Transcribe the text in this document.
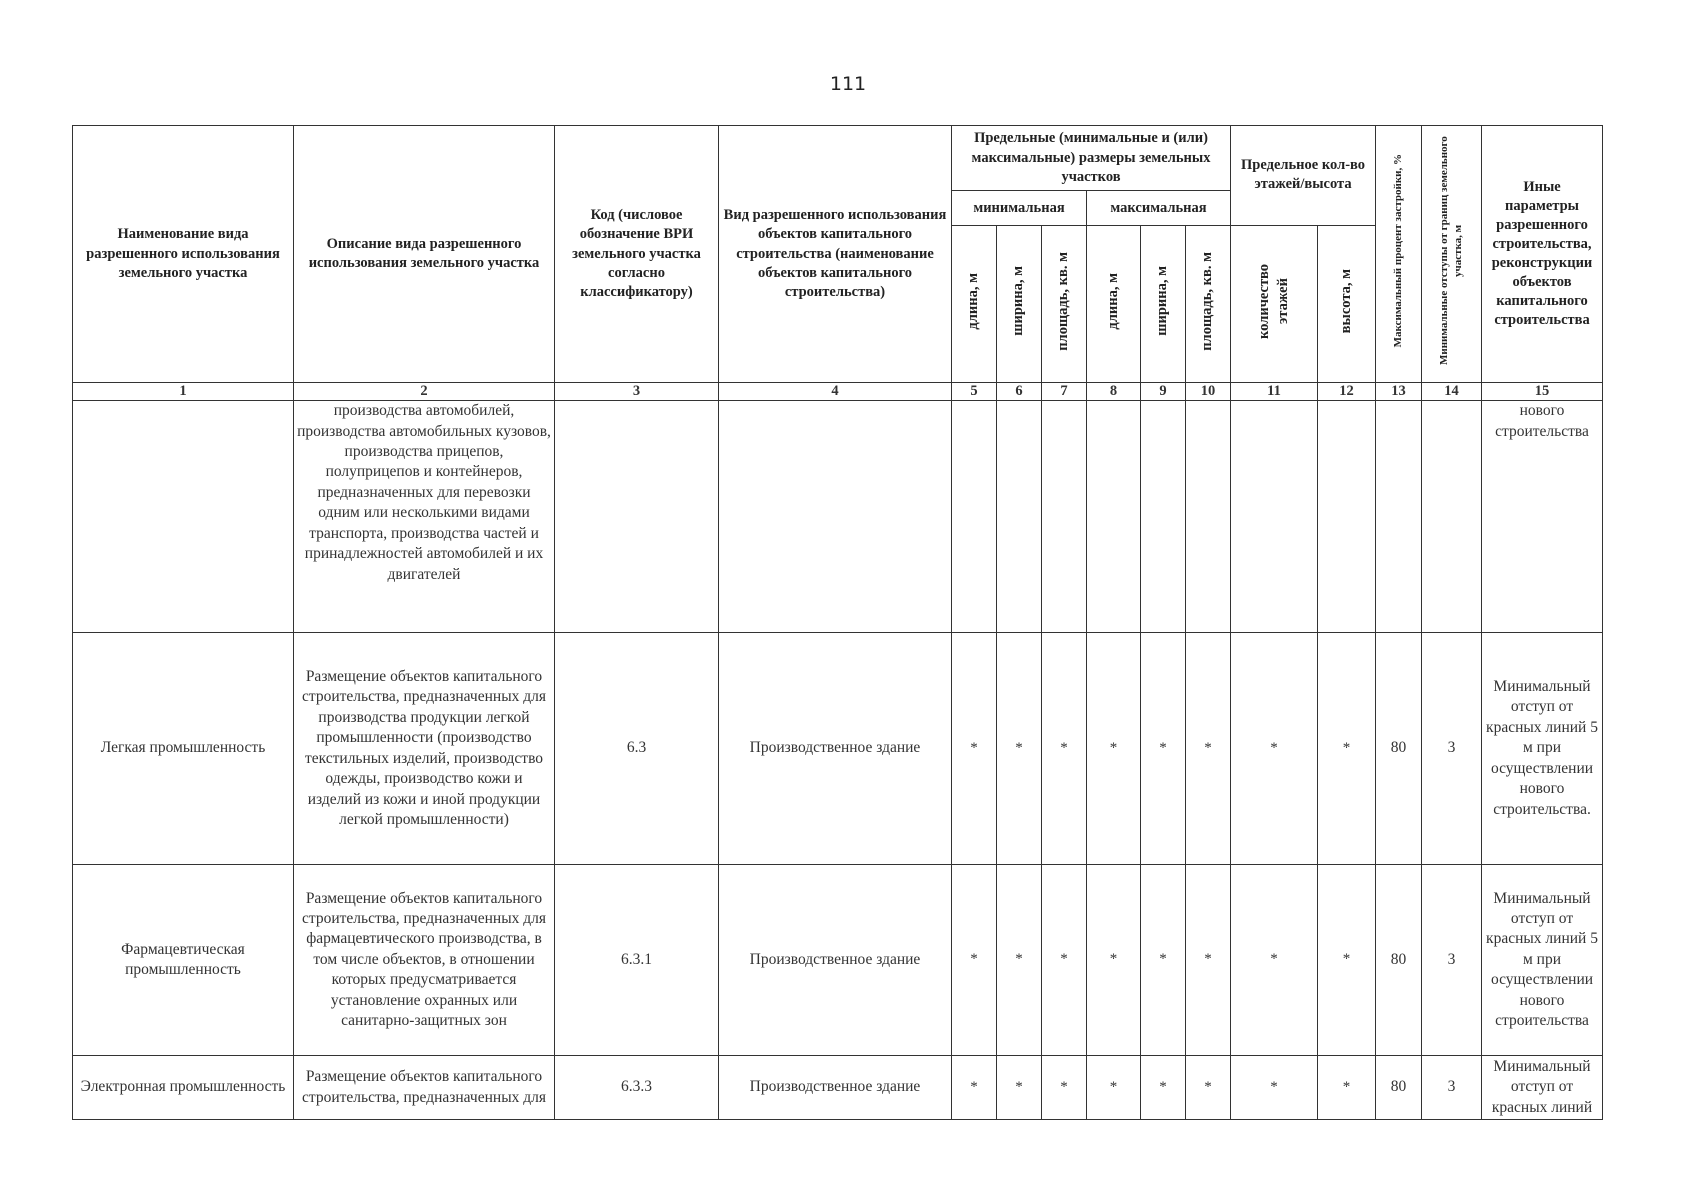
111
Наименование вида разрешенного использования земельного участка	Описание вида разрешенного использования земельного участка	Код (числовое обозначение ВРИ земельного участка согласно классификатору)	Вид разрешенного использования объектов капитального строительства (наименование объектов капитального строительства)	Предельные (минимальные и (или) максимальные) размеры земельных участков						Предельное кол-во этажей/высота		Максимальный процент застройки, %	Минимальные отступы от границ земельного участка, м	Иные параметры разрешенного строительства, реконструкции объектов капитального строительства
				минимальная			максимальная							
				длина, м	ширина, м	площадь, кв. м	длина, м	ширина, м	площадь, кв. м	количество этажей	высота, м			
1	2	3	4	5	6	7	8	9	10	11	12	13	14	15
	производства автомобилей, производства автомобильных кузовов, производства прицепов, полуприцепов и контейнеров, предназначенных для перевозки одним или несколькими видами транспорта, производства частей и принадлежностей автомобилей и их двигателей													нового строительства
Легкая промышленность	Размещение объектов капитального строительства, предназначенных для производства продукции легкой промышленности (производство текстильных изделий, производство одежды, производство кожи и изделий из кожи и иной продукции легкой промышленности)	6.3	Производственное здание	*	*	*	*	*	*	*	*	80	3	Минимальный отступ от красных линий 5 м при осуществлении нового строительства.
Фармацевтическая промышленность	Размещение объектов капитального строительства, предназначенных для фармацевтического производства, в том числе объектов, в отношении которых предусматривается установление охранных или санитарно-защитных зон	6.3.1	Производственное здание	*	*	*	*	*	*	*	*	80	3	Минимальный отступ от красных линий 5 м при осуществлении нового строительства
Электронная промышленность	Размещение объектов капитального строительства, предназначенных для	6.3.3	Производственное здание	*	*	*	*	*	*	*	*	80	3	Минимальный отступ от красных линий
